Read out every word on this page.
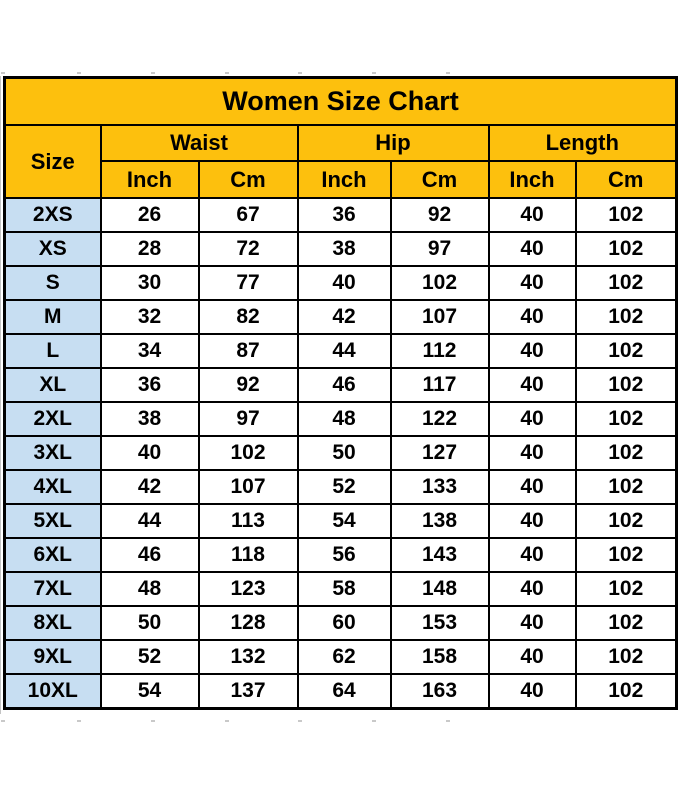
Women Size Chart						
Size	Waist		Hip		Length	
	Inch	Cm	Inch	Cm	Inch	Cm
2XS	26	67	36	92	40	102
XS	28	72	38	97	40	102
S	30	77	40	102	40	102
M	32	82	42	107	40	102
L	34	87	44	112	40	102
XL	36	92	46	117	40	102
2XL	38	97	48	122	40	102
3XL	40	102	50	127	40	102
4XL	42	107	52	133	40	102
5XL	44	113	54	138	40	102
6XL	46	118	56	143	40	102
7XL	48	123	58	148	40	102
8XL	50	128	60	153	40	102
9XL	52	132	62	158	40	102
10XL	54	137	64	163	40	102
